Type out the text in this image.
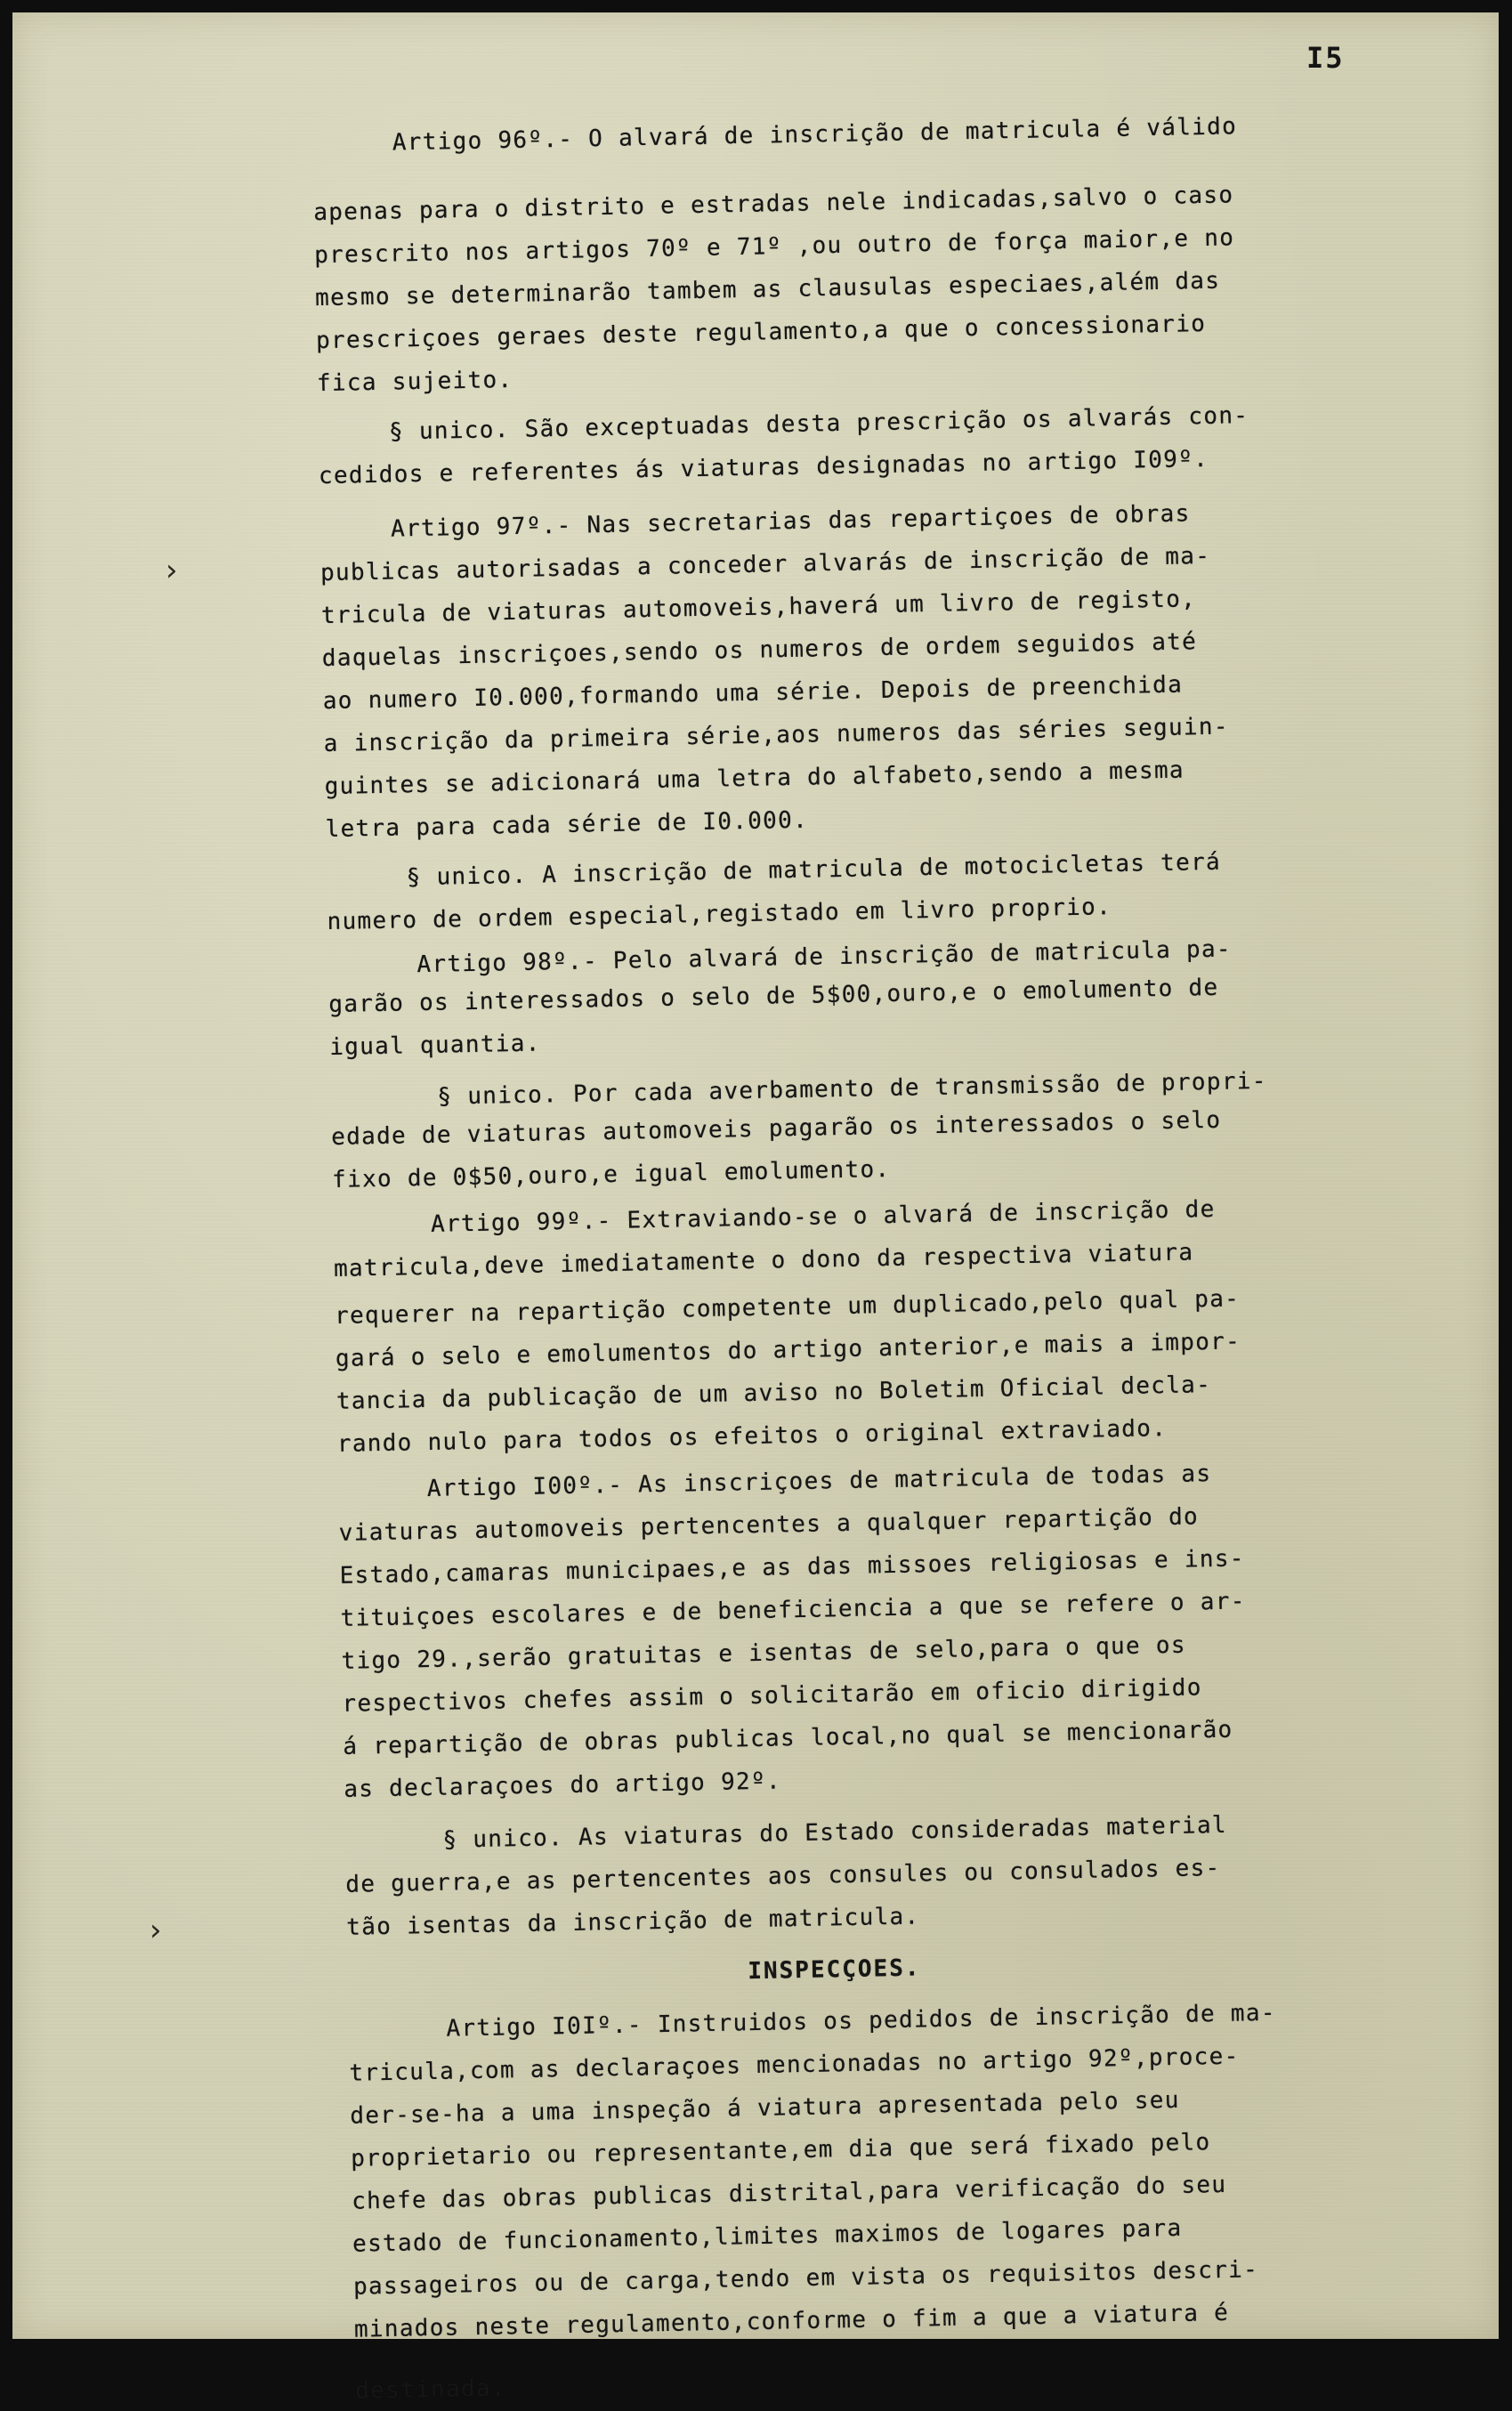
I5
›
›
Artigo 96º.- O alvará de inscrição de matricula é válido
apenas para o distrito e estradas nele indicadas,salvo o caso
prescrito nos artigos 70º e 71º ,ou outro de força maior,e no
mesmo se determinarão tambem as clausulas especiaes,além das
prescriçoes geraes deste regulamento,a que o concessionario
fica sujeito.
§ unico. São exceptuadas desta prescrição os alvarás con-
cedidos e referentes ás viaturas designadas no artigo I09º.
Artigo 97º.- Nas secretarias das repartiçoes de obras
publicas autorisadas a conceder alvarás de inscrição de ma-
tricula de viaturas automoveis,haverá um livro de registo,
daquelas inscriçoes,sendo os numeros de ordem seguidos até
ao numero I0.000,formando uma série. Depois de preenchida
a inscrição da primeira série,aos numeros das séries seguin-
guintes se adicionará uma letra do alfabeto,sendo a mesma
letra para cada série de I0.000.
§ unico. A inscrição de matricula de motocicletas terá
numero de ordem especial,registado em livro proprio.
Artigo 98º.- Pelo alvará de inscrição de matricula pa-
garão os interessados o selo de 5$00,ouro,e o emolumento de
igual quantia.
§ unico. Por cada averbamento de transmissão de propri-
edade de viaturas automoveis pagarão os interessados o selo
fixo de 0$50,ouro,e igual emolumento.
Artigo 99º.- Extraviando-se o alvará de inscrição de
matricula,deve imediatamente o dono da respectiva viatura
requerer na repartição competente um duplicado,pelo qual pa-
gará o selo e emolumentos do artigo anterior,e mais a impor-
tancia da publicação de um aviso no Boletim Oficial decla-
rando nulo para todos os efeitos o original extraviado.
Artigo I00º.- As inscriçoes de matricula de todas as
viaturas automoveis pertencentes a qualquer repartição do
Estado,camaras municipaes,e as das missoes religiosas e ins-
tituiçoes escolares e de beneficiencia a que se refere o ar-
tigo 29.,serão gratuitas e isentas de selo,para o que os
respectivos chefes assim o solicitarão em oficio dirigido
á repartição de obras publicas local,no qual se mencionarão
as declaraçoes do artigo 92º.
§ unico. As viaturas do Estado consideradas material
de guerra,e as pertencentes aos consules ou consulados es-
tão isentas da inscrição de matricula.
INSPECÇOES.
Artigo I0Iº.- Instruidos os pedidos de inscrição de ma-
tricula,com as declaraçoes mencionadas no artigo 92º,proce-
der-se-ha a uma inspeção á viatura apresentada pelo seu
proprietario ou representante,em dia que será fixado pelo
chefe das obras publicas distrital,para verificação do seu
estado de funcionamento,limites maximos de logares para
passageiros ou de carga,tendo em vista os requisitos descri-
minados neste regulamento,conforme o fim a que a viatura é
destinada.
